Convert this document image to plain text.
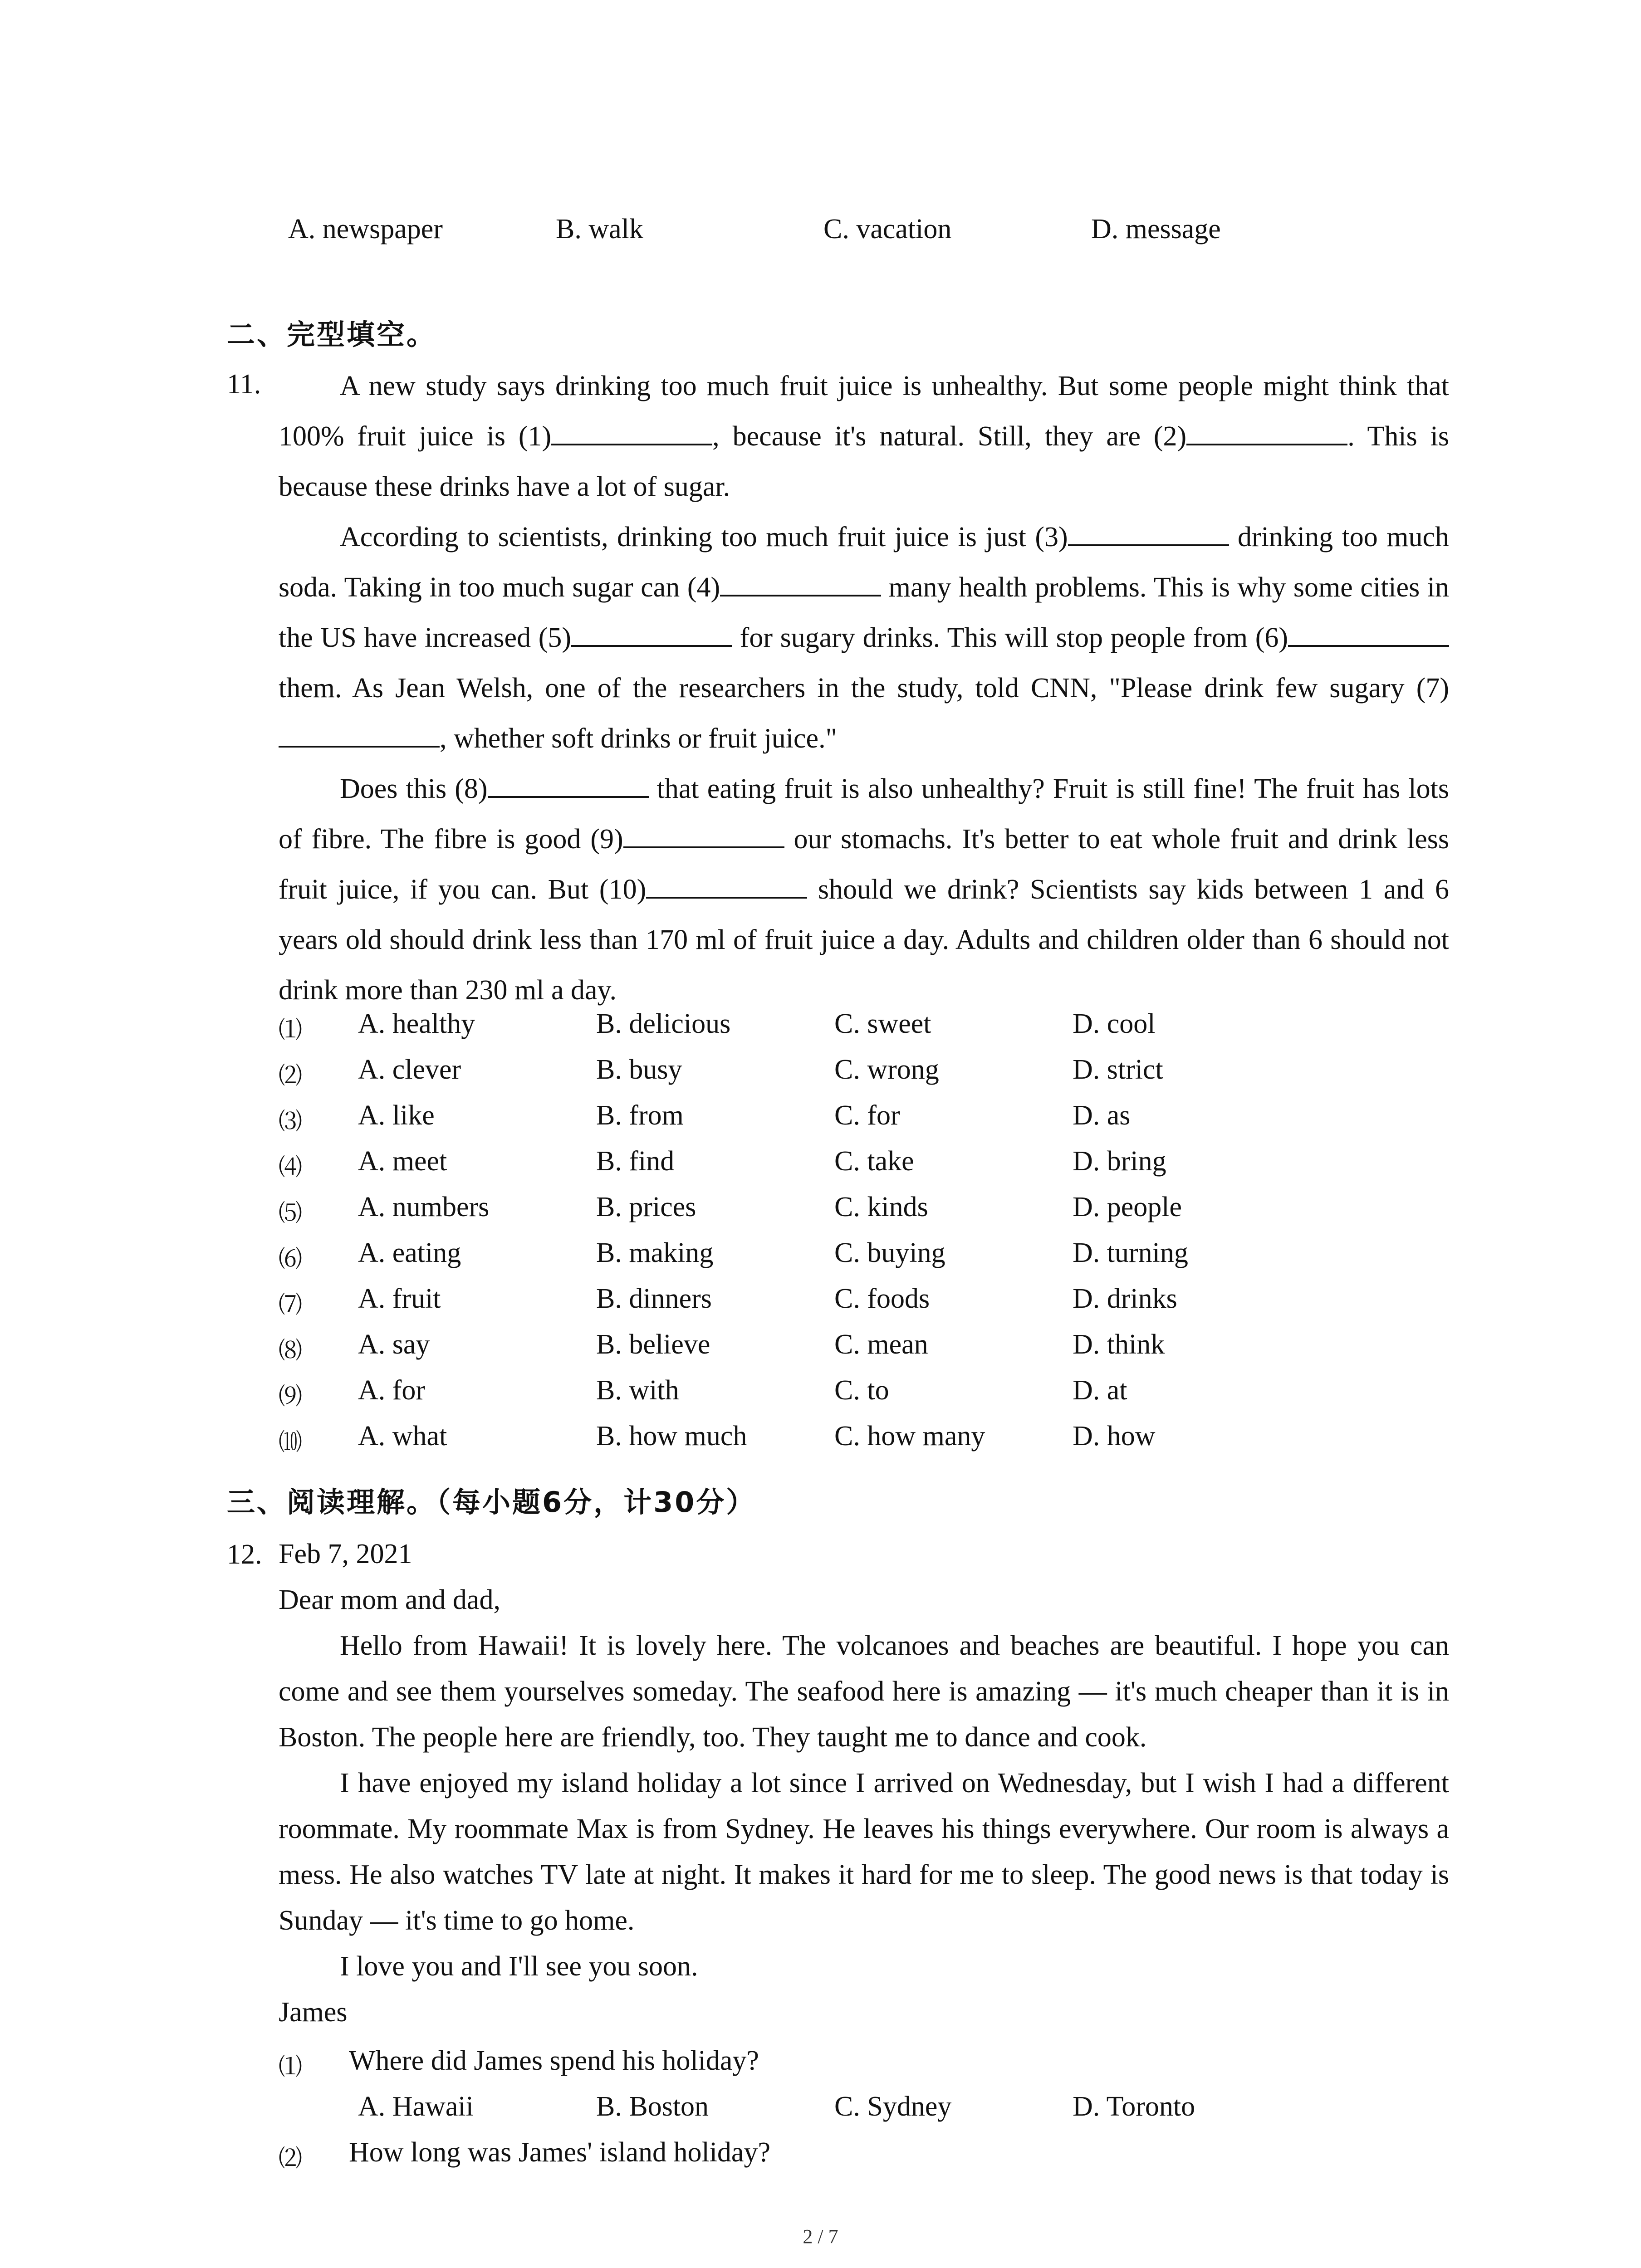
A. newspaper	B. walk	C. vacation	D. message
二、完型填空。
11.	A new study says drinking too much fruit juice is unhealthy. But some people might think that 100% fruit juice is (1)	, because it's natural. Still, they are (2)	. This is because these drinks have a lot of sugar.

According to scientists, drinking too much fruit juice is just (3)	drinking too much soda. Taking in too much sugar can (4)	many health problems. This is why some cities in the US have increased (5)	for sugary drinks. This will stop people from (6) them. As Jean Welsh, one of the researchers in the study, told CNN, "Please drink few sugary (7), whether soft drinks or fruit juice."

Does this (8)	that eating fruit is also unhealthy? Fruit is still fine! The fruit has lots of fibre. The fibre is good (9)	our stomachs. It's better to eat whole fruit and drink less fruit juice, if you can. But (10)	should we drink? Scientists say kids between 1 and 6 years old should drink less than 170 ml of fruit juice a day. Adults and children older than 6 should not drink more than 230 ml a day.

⑴ A. healthy	B. delicious	C. sweet	D. cool
⑵ A. clever	B. busy	C. wrong	D. strict
⑶ A. like	B. from	C. for	D. as
⑷ A. meet	B. find	C. take	D. bring
⑸ A. numbers	B. prices	C. kinds	D. people
⑹ A. eating	B. making	C. buying	D. turning
⑺ A. fruit	B. dinners	C. foods	D. drinks
⑻ A. say	B. believe	C. mean	D. think
⑼ A. for	B. with	C. to	D. at
⑽ A. what	B. how much	C. how many	D. how
三、阅读理解。（每小题6分，计30分）
12. Feb 7, 2021

Dear mom and dad,

Hello from Hawaii! It is lovely here. The volcanoes and beaches are beautiful. I hope you can come and see them yourselves someday. The seafood here is amazing — it's much cheaper than it is in Boston. The people here are friendly, too. They taught me to dance and cook.

I have enjoyed my island holiday a lot since I arrived on Wednesday, but I wish I had a different roommate. My roommate Max is from Sydney. He leaves his things everywhere. Our room is always a mess. He also watches TV late at night. It makes it hard for me to sleep. The good news is that today is Sunday — it's time to go home.

I love you and I'll see you soon.

James

⑴ Where did James spend his holiday?
A. Hawaii	B. Boston	C. Sydney	D. Toronto
⑵ How long was James' island holiday?
2 / 7
